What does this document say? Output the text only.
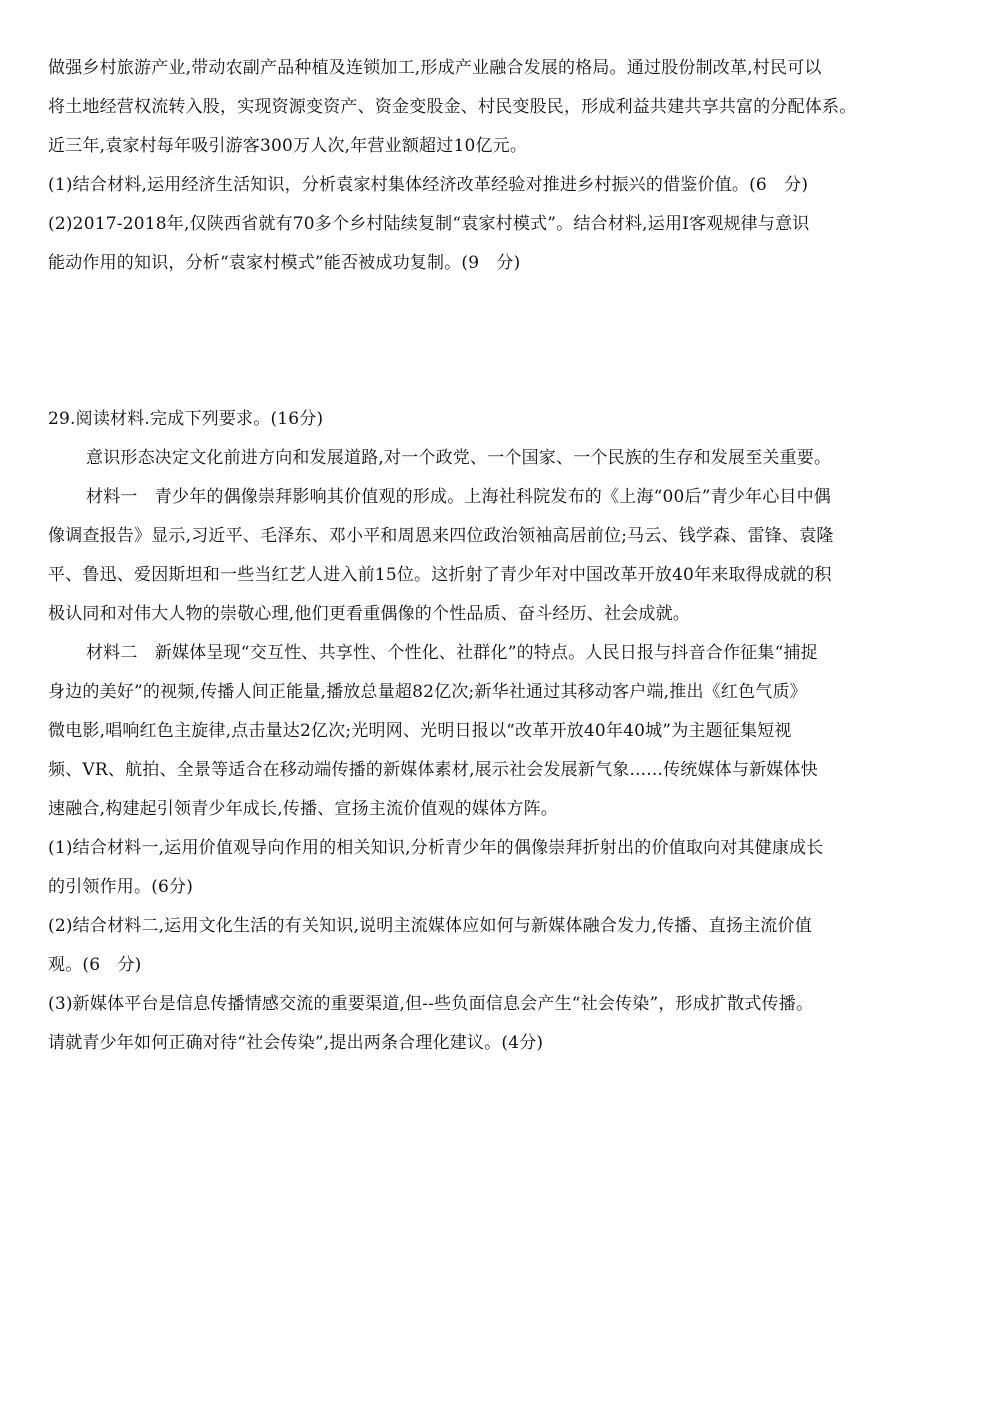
做强乡村旅游产业,带动农副产品种植及连锁加工,形成产业融合发展的格局。通过股份制改革,村民可以
将土地经营权流转入股，实现资源变资产、资金变股金、村民变股民，形成利益共建共享共富的分配体系。
近三年,袁家村每年吸引游客300万人次,年营业额超过10亿元。
(1)结合材料,运用经济生活知识，分析袁家村集体经济改革经验对推进乡村振兴的借鉴价值。(6　分)
(2)2017-2018年,仅陕西省就有70多个乡村陆续复制“袁家村模式”。结合材料,运用I客观规律与意识
能动作用的知识，分析“袁家村模式”能否被成功复制。(9　分)
29.阅读材料.完成下列要求。(16分)
意识形态决定文化前进方向和发展道路,对一个政党、一个国家、一个民族的生存和发展至关重要。
材料一　青少年的偶像崇拜影响其价值观的形成。上海社科院发布的《上海“00后”青少年心目中偶
像调查报告》显示,习近平、毛泽东、邓小平和周恩来四位政治领袖高居前位;马云、钱学森、雷锋、袁隆
平、鲁迅、爱因斯坦和一些当红艺人进入前15位。这折射了青少年对中国改革开放40年来取得成就的积
极认同和对伟大人物的崇敬心理,他们更看重偶像的个性品质、奋斗经历、社会成就。
材料二　新媒体呈现“交互性、共享性、个性化、社群化”的特点。人民日报与抖音合作征集“捕捉
身边的美好”的视频,传播人间正能量,播放总量超82亿次;新华社通过其移动客户端,推出《红色气质》
微电影,唱响红色主旋律,点击量达2亿次;光明网、光明日报以“改革开放40年40城”为主题征集短视
频、VR、航拍、全景等适合在移动端传播的新媒体素材,展示社会发展新气象......传统媒体与新媒体快
速融合,构建起引领青少年成长,传播、宣扬主流价值观的媒体方阵。
(1)结合材料一,运用价值观导向作用的相关知识,分析青少年的偶像崇拜折射出的价值取向对其健康成长
的引领作用。(6分)
(2)结合材料二,运用文化生活的有关知识,说明主流媒体应如何与新媒体融合发力,传播、直扬主流价值
观。(6　分)
(3)新媒体平台是信息传播情感交流的重要渠道,但--些负面信息会产生“社会传染”，形成扩散式传播。
请就青少年如何正确对待“社会传染”,提出两条合理化建议。(4分)
